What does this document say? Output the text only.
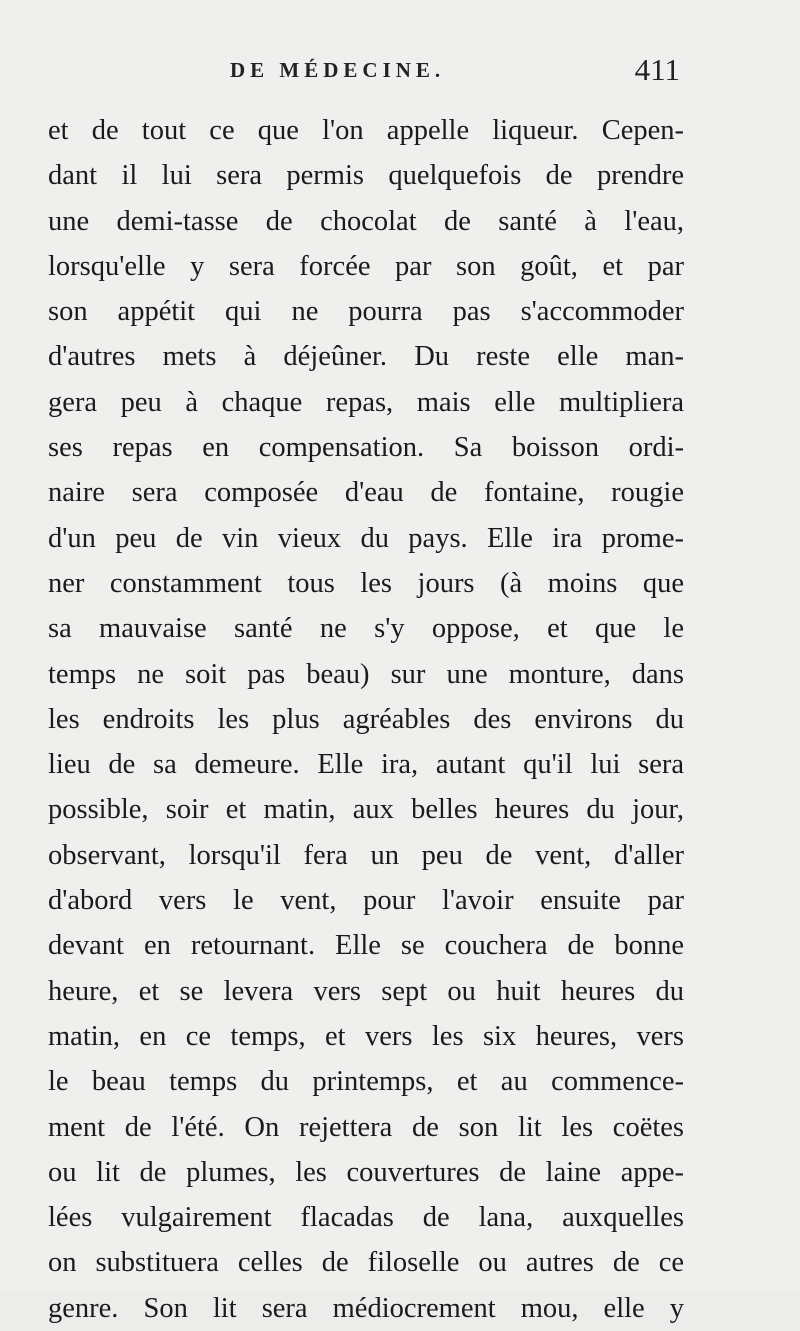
DE MÉDECINE.	411
et de tout ce que l'on appelle liqueur. Cepen-
dant il lui sera permis quelquefois de prendre
une demi-tasse de chocolat de santé à l'eau,
lorsqu'elle y sera forcée par son goût, et par
son appétit qui ne pourra pas s'accommoder
d'autres mets à déjeûner. Du reste elle man-
gera peu à chaque repas, mais elle multipliera
ses repas en compensation. Sa boisson ordi-
naire sera composée d'eau de fontaine, rougie
d'un peu de vin vieux du pays. Elle ira prome-
ner constamment tous les jours (à moins que
sa mauvaise santé ne s'y oppose, et que le
temps ne soit pas beau) sur une monture, dans
les endroits les plus agréables des environs du
lieu de sa demeure. Elle ira, autant qu'il lui sera
possible, soir et matin, aux belles heures du jour,
observant, lorsqu'il fera un peu de vent, d'aller
d'abord vers le vent, pour l'avoir ensuite par
devant en retournant. Elle se couchera de bonne
heure, et se levera vers sept ou huit heures du
matin, en ce temps, et vers les six heures, vers
le beau temps du printemps, et au commence-
ment de l'été. On rejettera de son lit les coëtes
ou lit de plumes, les couvertures de laine appe-
lées vulgairement flacadas de lana, auxquelles
on substituera celles de filoselle ou autres de ce
genre. Son lit sera médiocrement mou, elle y
